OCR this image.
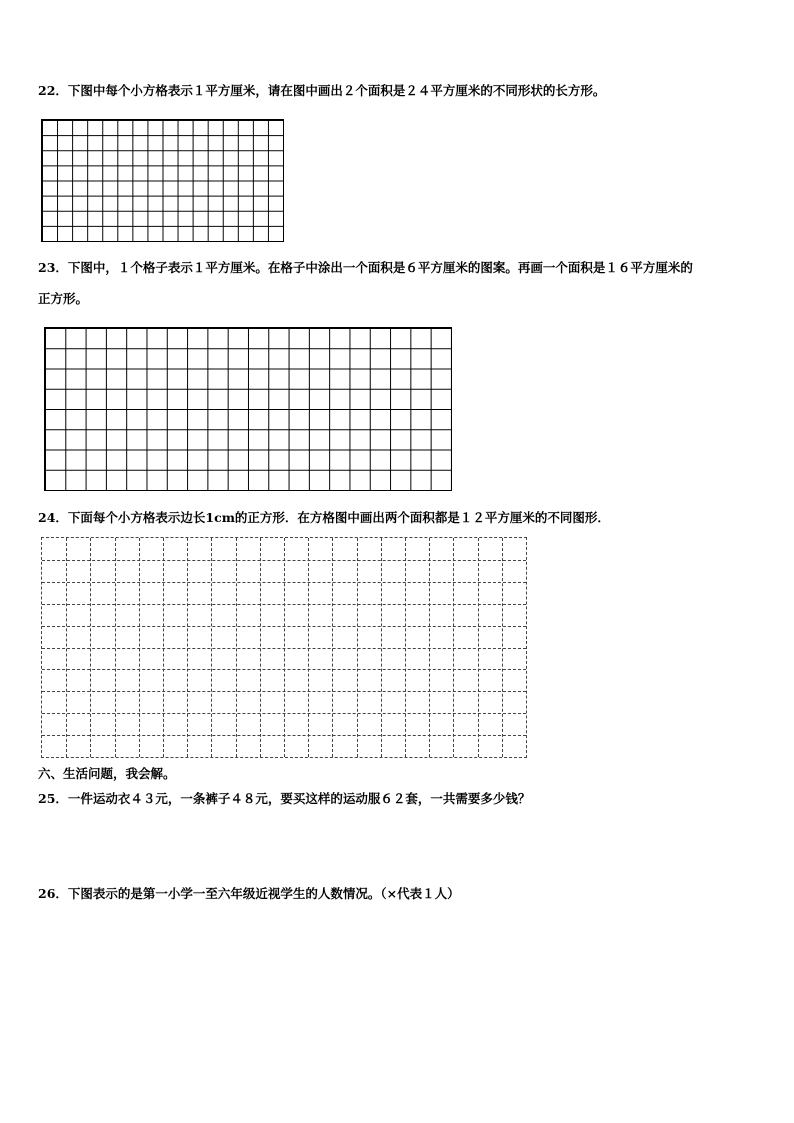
22．下图中每个小方格表示１平方厘米，请在图中画出２个面积是２４平方厘米的不同形状的长方形。
23．下图中，１个格子表示１平方厘米。在格子中涂出一个面积是６平方厘米的图案。再画一个面积是１６平方厘米的
正方形。
24．下面每个小方格表示边长1cm的正方形．在方格图中画出两个面积都是１２平方厘米的不同图形．
六、生活问题，我会解。
25．一件运动衣４３元，一条裤子４８元，要买这样的运动服６２套，一共需要多少钱？
26．下图表示的是第一小学一至六年级近视学生的人数情况。（×代表１人）
